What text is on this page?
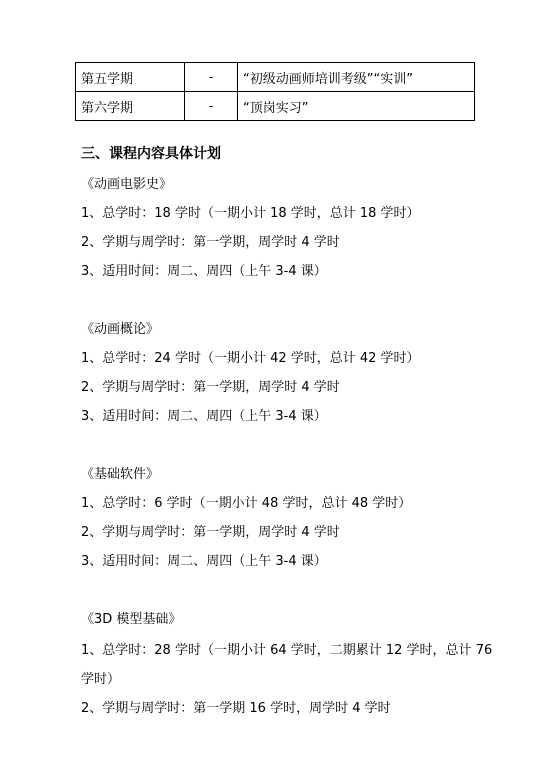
第五学期	-	“初级动画师培训考级”“实训”
第六学期	-	“顶岗实习”
三、课程内容具体计划
《动画电影史》
1、总学时：18 学时（一期小计 18 学时，总计 18 学时）
2、学期与周学时：第一学期，周学时 4 学时
3、适用时间：周二、周四（上午 3-4 课）
《动画概论》
1、总学时：24 学时（一期小计 42 学时，总计 42 学时）
2、学期与周学时：第一学期，周学时 4 学时
3、适用时间：周二、周四（上午 3-4 课）
《基础软件》
1、总学时：6 学时（一期小计 48 学时，总计 48 学时）
2、学期与周学时：第一学期，周学时 4 学时
3、适用时间：周二、周四（上午 3-4 课）
《3D 模型基础》
1、总学时：28 学时（一期小计 64 学时，二期累计 12 学时，总计 76
学时）
2、学期与周学时：第一学期 16 学时，周学时 4 学时
